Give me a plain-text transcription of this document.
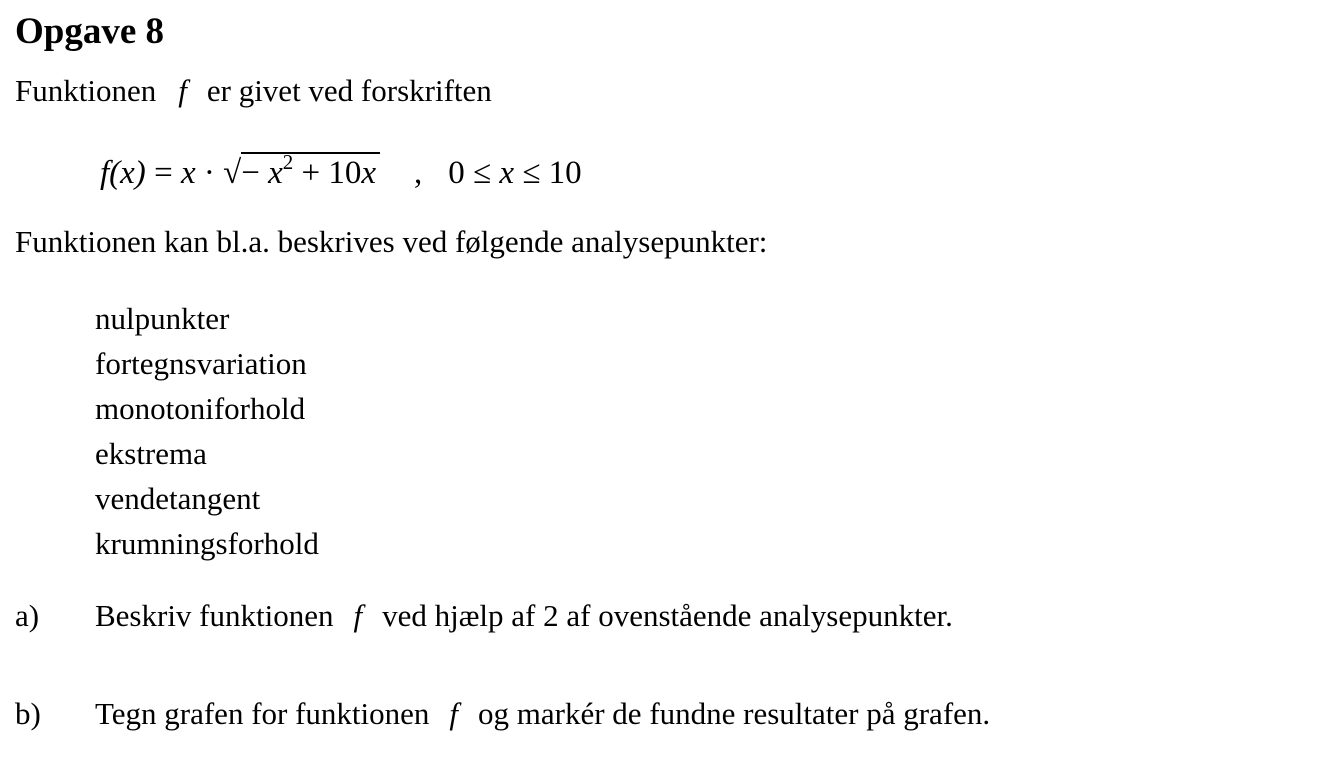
Opgave 8
Funktionen f er givet ved forskriften
f(x) = x · √− $x^2 + 10x$ , 0 ≤ x ≤ 10
Funktionen kan bl.a. beskrives ved følgende analysepunkter:
nulpunkter
fortegnsvariation
monotoniforhold
ekstrema
vendetangent
krumningsforhold
a) Beskriv funktionen f ved hjælp af 2 af ovenstående analysepunkter.
b) Tegn grafen for funktionen f og markér de fundne resultater på grafen.
